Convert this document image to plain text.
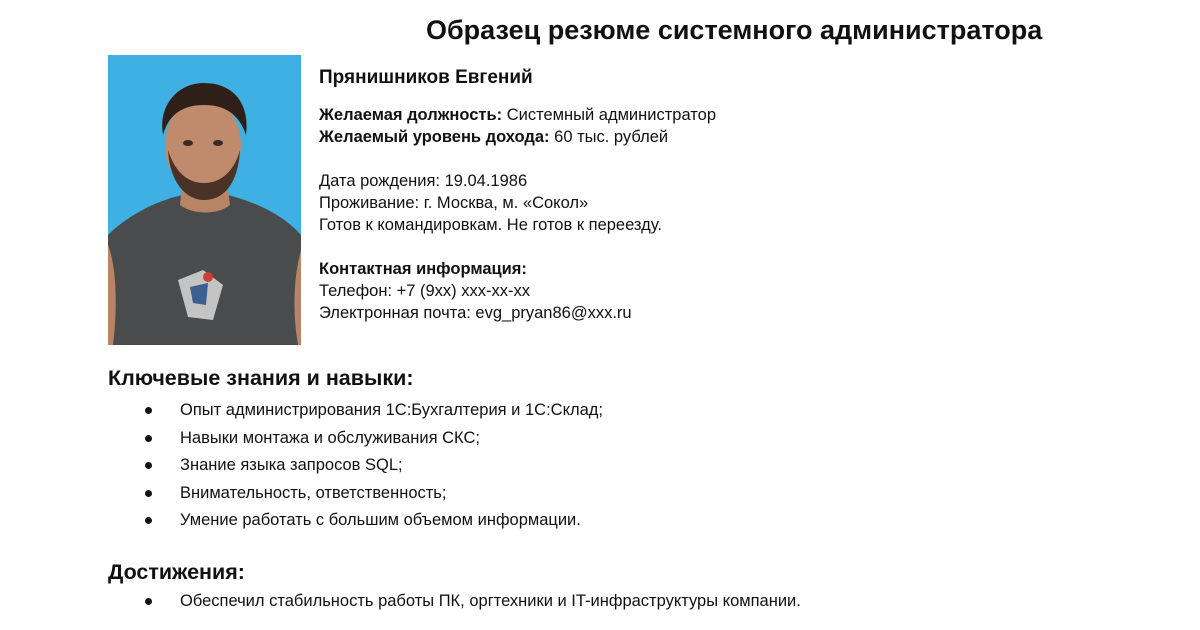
Образец резюме системного администратора
Прянишников Евгений
Желаемая должность: Системный администратор
Желаемый уровень дохода: 60 тыс. рублей
Дата рождения: 19.04.1986
Проживание: г. Москва, м. «Сокол»
Готов к командировкам. Не готов к переезду.
Контактная информация:
Телефон: +7 (9хх) ххх-хх-хх
Электронная почта: evg_pryan86@xxx.ru
Ключевые знания и навыки:
Опыт администрирования 1С:Бухгалтерия и 1С:Склад;
Навыки монтажа и обслуживания СКС;
Знание языка запросов SQL;
Внимательность, ответственность;
Умение работать с большим объемом информации.
Достижения:
Обеспечил стабильность работы ПК, оргтехники и IT-инфраструктуры компании.
